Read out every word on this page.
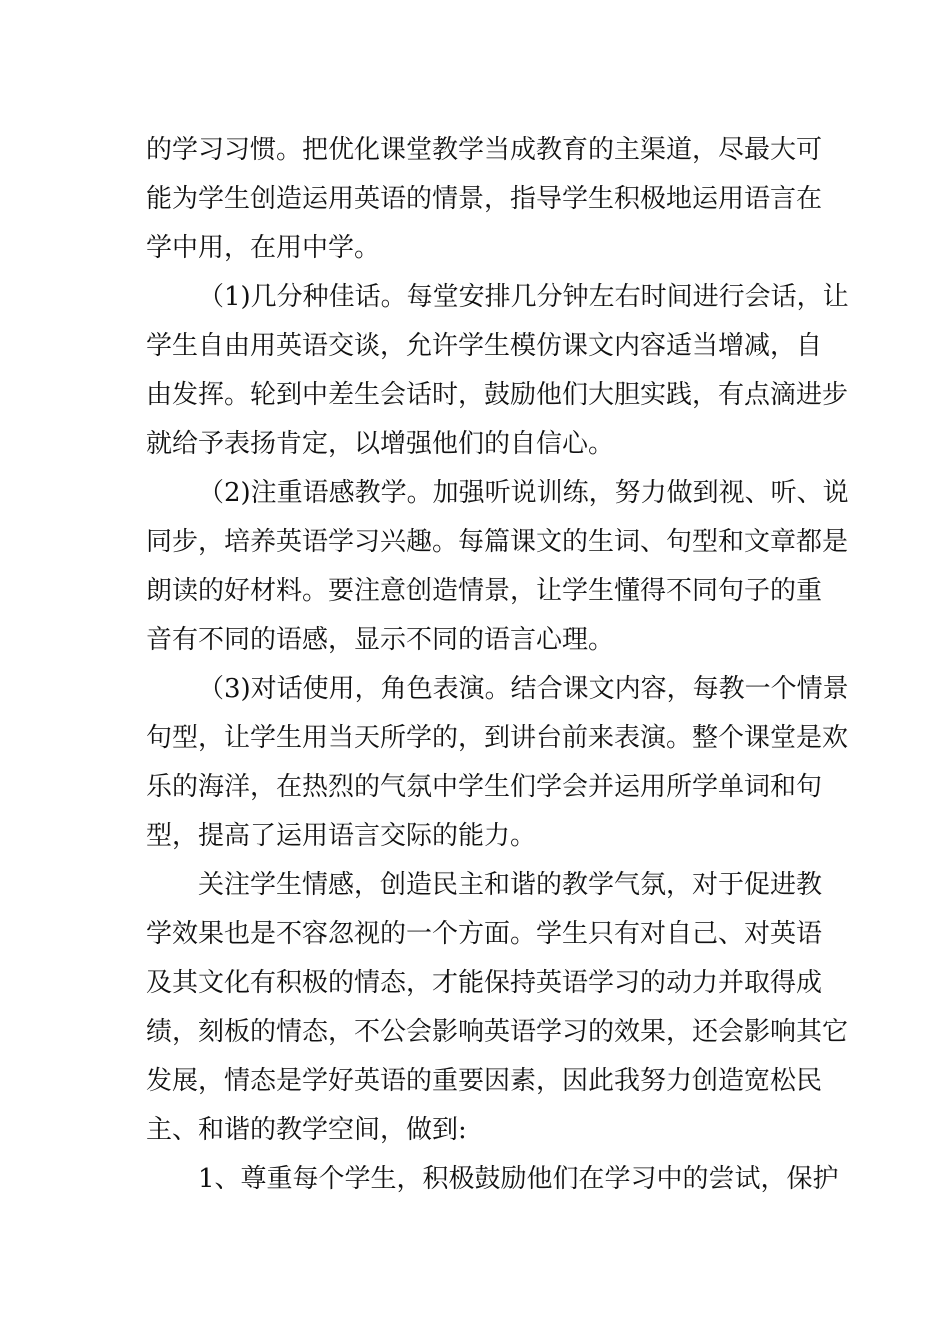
的学习习惯。把优化课堂教学当成教育的主渠道，尽最大可
能为学生创造运用英语的情景，指导学生积极地运用语言在
学中用，在用中学。
（1)几分种佳话。每堂安排几分钟左右时间进行会话，让
学生自由用英语交谈，允许学生模仿课文内容适当增减，自
由发挥。轮到中差生会话时，鼓励他们大胆实践，有点滴进步
就给予表扬肯定，以增强他们的自信心。
（2)注重语感教学。加强听说训练，努力做到视、听、说
同步，培养英语学习兴趣。每篇课文的生词、句型和文章都是
朗读的好材料。要注意创造情景，让学生懂得不同句子的重
音有不同的语感，显示不同的语言心理。
（3)对话使用，角色表演。结合课文内容，每教一个情景
句型，让学生用当天所学的，到讲台前来表演。整个课堂是欢
乐的海洋，在热烈的气氛中学生们学会并运用所学单词和句
型，提高了运用语言交际的能力。
关注学生情感，创造民主和谐的教学气氛，对于促进教
学效果也是不容忽视的一个方面。学生只有对自己、对英语
及其文化有积极的情态，才能保持英语学习的动力并取得成
绩，刻板的情态，不公会影响英语学习的效果，还会影响其它
发展，情态是学好英语的重要因素，因此我努力创造宽松民
主、和谐的教学空间，做到:
1、尊重每个学生，积极鼓励他们在学习中的尝试，保护
